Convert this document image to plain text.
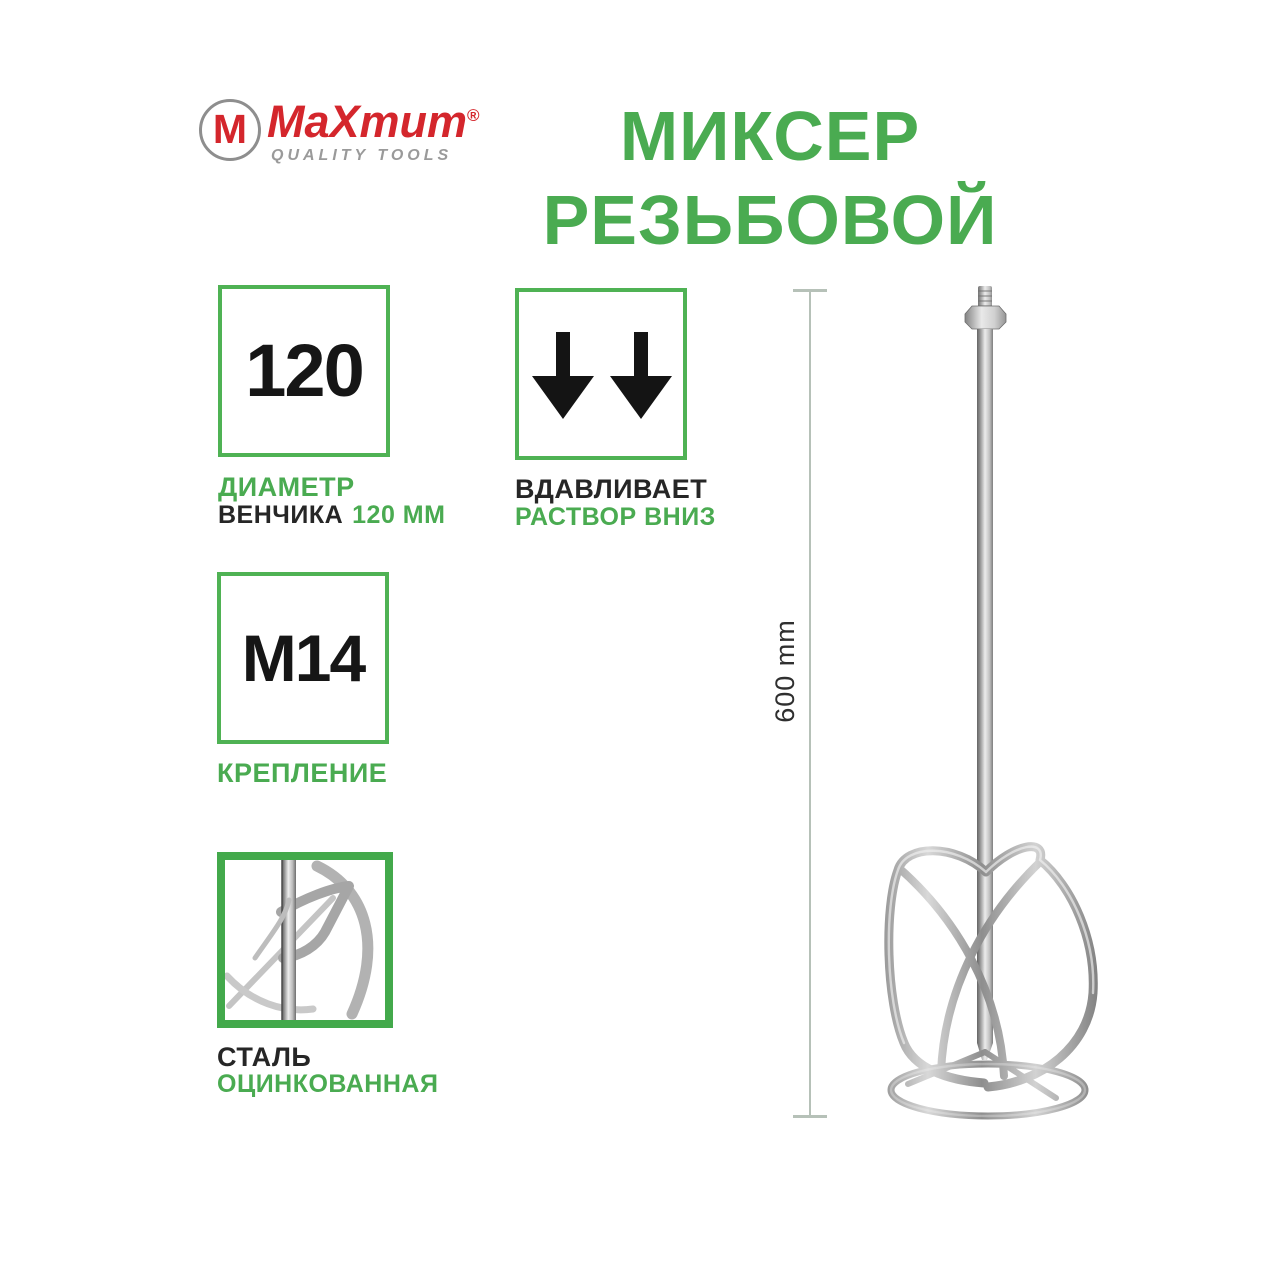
M MaXmum®
QUALITY TOOLS	МИКСЕР
РЕЗЬБОВОЙ
120
ДИАМЕТР
ВЕНЧИКА 120 ММ
ВДАВЛИВАЕТ
РАСТВОР ВНИЗ
M14
КРЕПЛЕНИЕ
СТАЛЬ
ОЦИНКОВАННАЯ
600 mm
